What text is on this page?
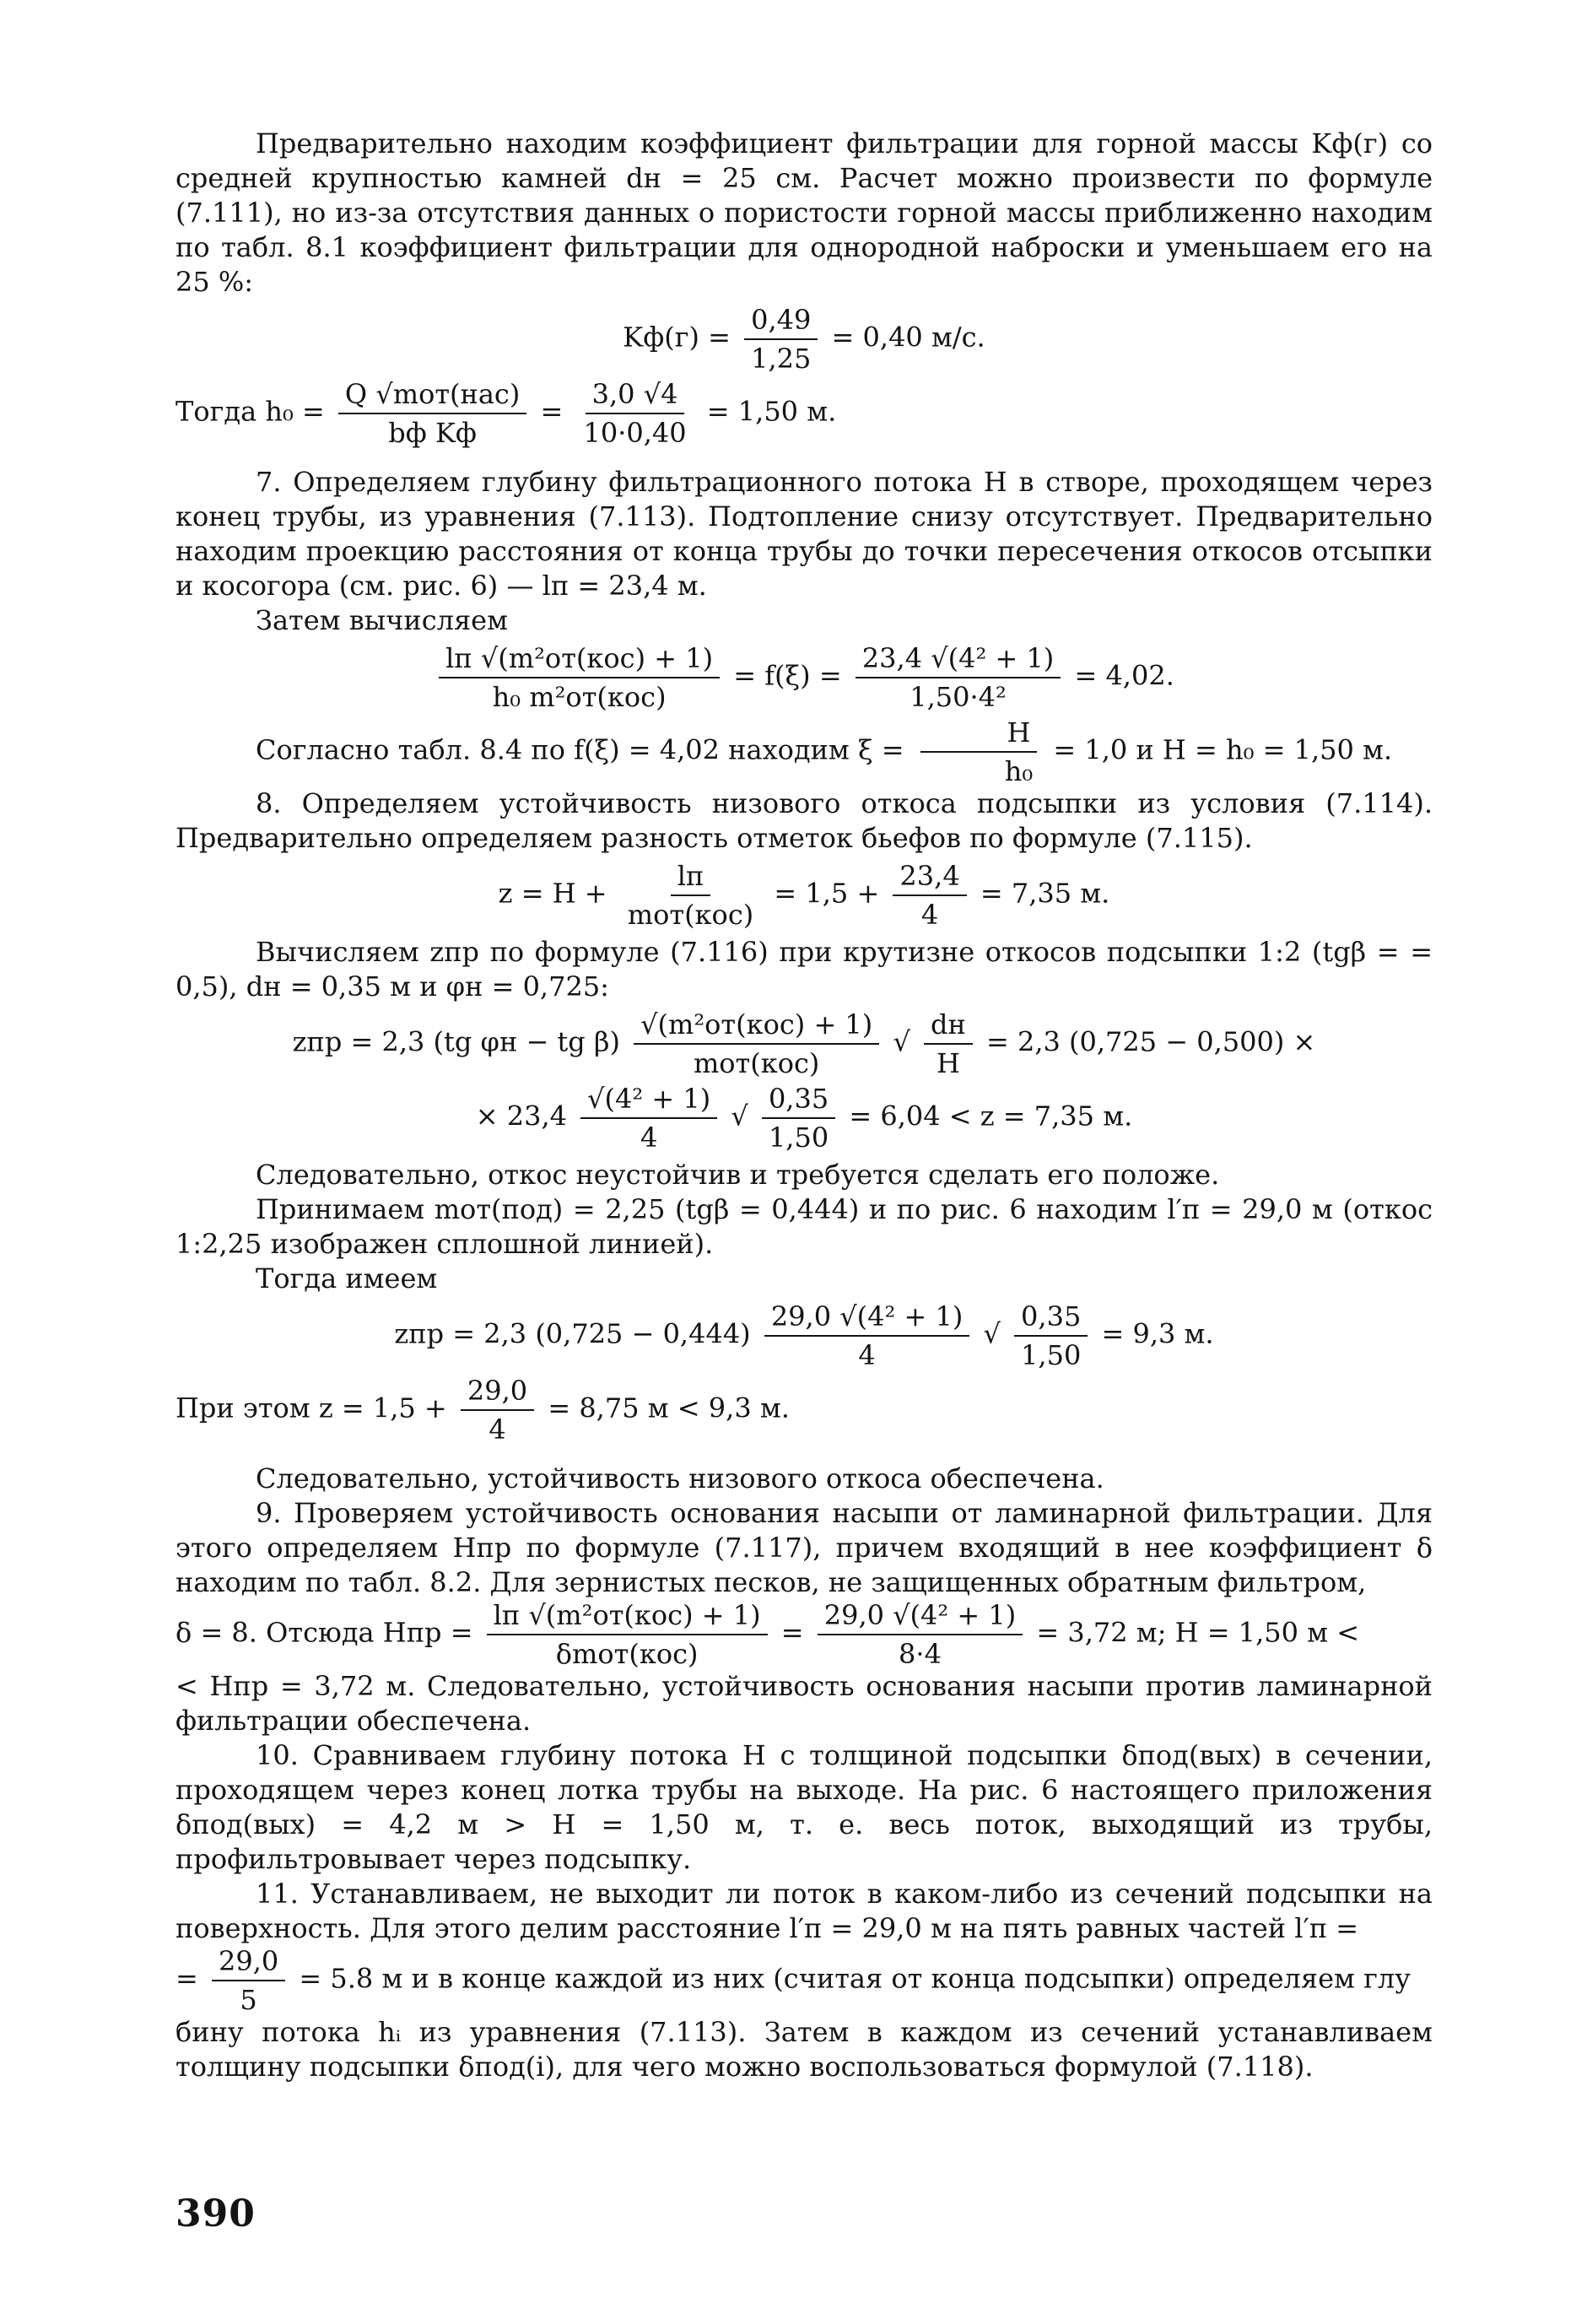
Предварительно находим коэффициент фильтрации для горной массы Kф(г) со средней крупностью камней dн = 25 см. Расчет можно произвести по формуле (7.111), но из-за отсутствия данных о пористости горной массы приближенно находим по табл. 8.1 коэффициент фильтрации для однородной наброски и уменьшаем его на 25 %:

$Kф(г) = \frac{0,49}{1,25} = 0,40$ м/с.
Тогда $h_0 = \frac{\text{Q √mот(нас)}}{\text{bф Kф}} = \frac{3,0 √4}{10\cdot 0,40} = 1,50$ м.

7. Определяем глубину фильтрационного потока H в створе, проходящем через конец трубы, из уравнения (7.113). Подтопление снизу отсутствует. Предварительно находим проекцию расстояния от конца трубы до точки пересечения откосов отсыпки и косогора (см. рис. 6) — lп = 23,4 м.

Затем вычисляем

$\frac{\text{lп √(m²от(кос) + 1)}}{\text{h₀ m²от(кос)}} = f(\xi) = \frac{\text{23,4 √(4² + 1)}}{\text{1,50·4²}} = 4,02$.

Согласно табл. 8.4 по f(ξ) = 4,02 находим $\xi = \frac{H}{\text{h₀}} = 1,0$ и H = h₀ = 1,50 м.

8. Определяем устойчивость низового откоса подсыпки из условия (7.114). Предварительно определяем разность отметок бьефов по формуле (7.115).

$z = H + \frac{lп}{\text{mот(кос)}} = 1,5 + \frac{23,4}{4} = 7,35$ м.

Вычисляем zпр по формуле (7.116) при крутизне откосов подсыпки 1:2 (tgβ = = 0,5), dн = 0,35 м и φн = 0,725:

zпр = 2,3 (tg φн − tg $\beta) \frac{\text{√(m²от(кос) + 1)}}{\text{mот(кос)}}$ √ $\frac{dн}{H} = 2,3$ (0,725 − 0,500) ×
× $23,4 \frac{\text{√(4² + 1)}}{4}$ √ $\frac{0,35}{1,50} = 6,04 < z = 7,35$ м.

Следовательно, откос неустойчив и требуется сделать его положе.

Принимаем mот(под) = 2,25 (tgβ = 0,444) и по рис. 6 находим l′п = 29,0 м (откос 1:2,25 изображен сплошной линией).

Тогда имеем

zпр = 2,3 $(0,725 - 0,444) \frac{\text{29,0 √(4² + 1)}}{4}$ √ $\frac{0,35}{1,50} = 9,3$ м.
При этом $z = 1,5 + \frac{29,0}{4} = 8,75$ м < 9,3 м.

Следовательно, устойчивость низового откоса обеспечена.

9. Проверяем устойчивость основания насыпи от ламинарной фильтрации. Для этого определяем Hпр по формуле (7.117), причем входящий в нее коэффициент δ находим по табл. 8.2. Для зернистых песков, не защищенных обратным фильтром,

δ = 8. Отсюда Hпр = $\frac{\text{lп √(m²от(кос) + 1)}}{\text{δmот(кос)}} = \frac{\text{29,0 √(4² + 1)}}{8\cdot 4} = 3,72$ м; H = 1,50 м <

< Hпр = 3,72 м. Следовательно, устойчивость основания насыпи против ламинарной фильтрации обеспечена.

10. Сравниваем глубину потока H с толщиной подсыпки δпод(вых) в сечении, проходящем через конец лотка трубы на выходе. На рис. 6 настоящего приложения δпод(вых) = 4,2 м > H = 1,50 м, т. е. весь поток, выходящий из трубы, профильтровывает через подсыпку.

11. Устанавливаем, не выходит ли поток в каком-либо из сечений подсыпки на поверхность. Для этого делим расстояние l′п = 29,0 м на пять равных частей l′п =

= $\frac{29,0}{5} = 5.8$ м и в конце каждой из них (считая от конца подсыпки) определяем глу

бину потока hᵢ из уравнения (7.113). Затем в каждом из сечений устанавливаем толщину подсыпки δпод(i), для чего можно воспользоваться формулой (7.118).

390
